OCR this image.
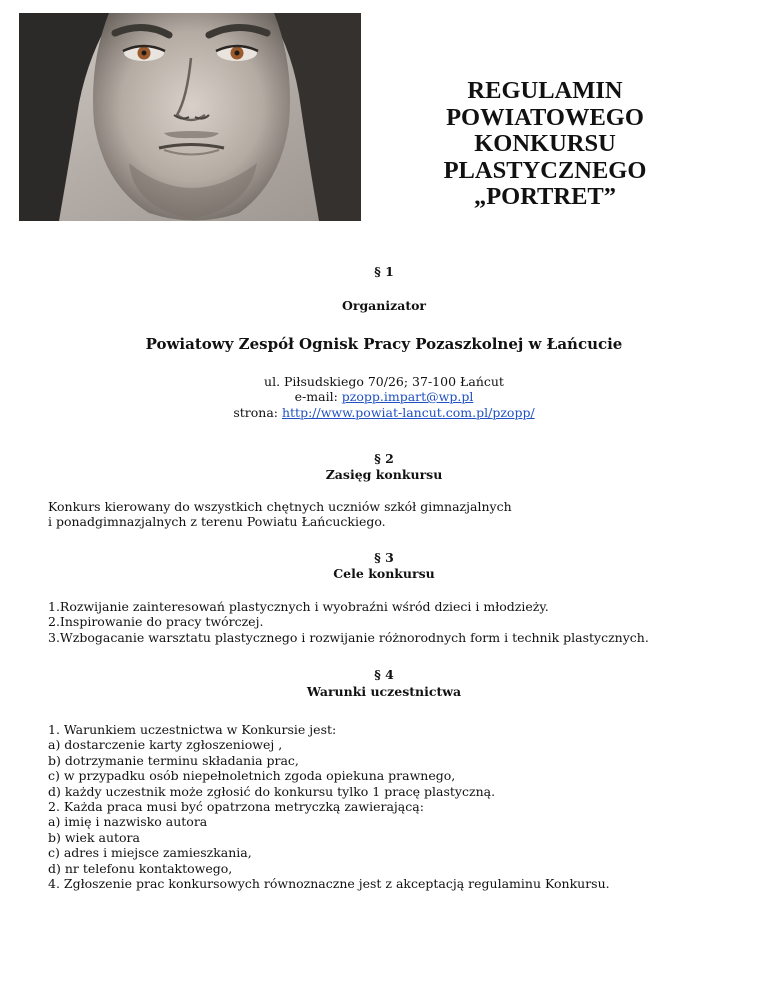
REGULAMIN
POWIATOWEGO
KONKURSU
PLASTYCZNEGO
„PORTRET”
§ 1
Organizator
Powiatowy Zespół Ognisk Pracy Pozaszkolnej w Łańcucie
ul. Piłsudskiego 70/26; 37-100 Łańcut
e-mail: pzopp.impart@wp.pl
strona: http://www.powiat-lancut.com.pl/pzopp/
§ 2
Zasięg konkursu
Konkurs kierowany do wszystkich chętnych uczniów szkół gimnazjalnych
i ponadgimnazjalnych z terenu Powiatu Łańcuckiego.
§ 3
Cele konkursu
1.Rozwijanie zainteresowań plastycznych i wyobraźni wśród dzieci i młodzieży.
2.Inspirowanie do pracy twórczej.
3.Wzbogacanie warsztatu plastycznego i rozwijanie różnorodnych form i technik plastycznych.
§ 4
Warunki uczestnictwa
1. Warunkiem uczestnictwa w Konkursie jest:
a) dostarczenie karty zgłoszeniowej ,
b) dotrzymanie terminu składania prac,
c) w przypadku osób niepełnoletnich zgoda opiekuna prawnego,
d) każdy uczestnik może zgłosić do konkursu tylko 1 pracę plastyczną.
2. Każda praca musi być opatrzona metryczką zawierającą:
a) imię i nazwisko autora
b) wiek autora
c) adres i miejsce zamieszkania,
d) nr telefonu kontaktowego,
4. Zgłoszenie prac konkursowych równoznaczne jest z akceptacją regulaminu Konkursu.
